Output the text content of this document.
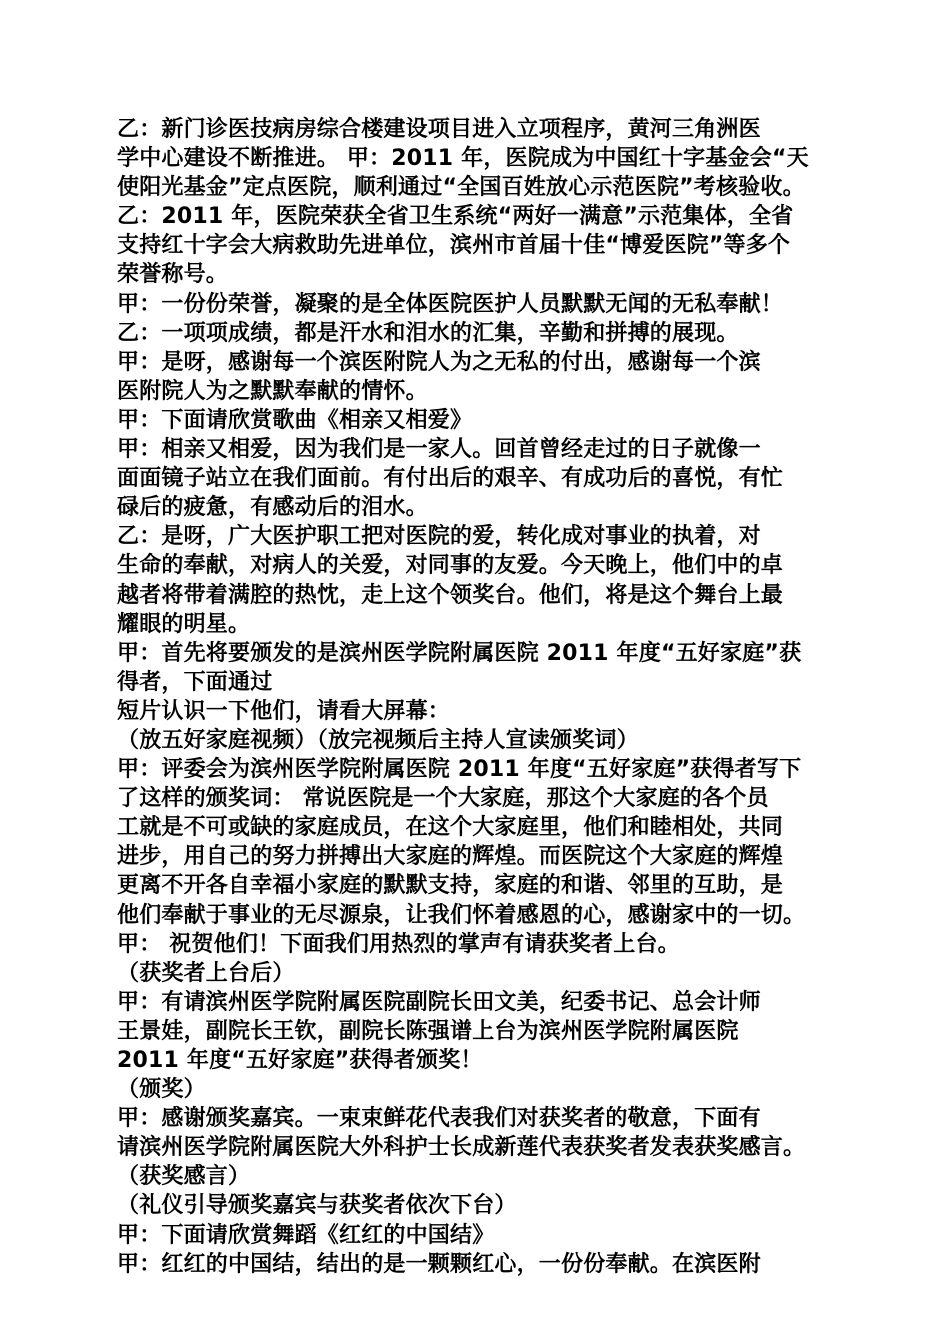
乙：新门诊医技病房综合楼建设项目进入立项程序，黄河三角洲医
学中心建设不断推进。 甲：2011 年，医院成为中国红十字基金会“天
使阳光基金”定点医院，顺利通过“全国百姓放心示范医院”考核验收。
乙：2011 年，医院荣获全省卫生系统“两好一满意”示范集体，全省
支持红十字会大病救助先进单位，滨州市首届十佳“博爱医院”等多个
荣誉称号。
甲：一份份荣誉，凝聚的是全体医院医护人员默默无闻的无私奉献！
乙：一项项成绩，都是汗水和泪水的汇集，辛勤和拼搏的展现。
甲：是呀，感谢每一个滨医附院人为之无私的付出，感谢每一个滨
医附院人为之默默奉献的情怀。
甲：下面请欣赏歌曲《相亲又相爱》
甲：相亲又相爱，因为我们是一家人。回首曾经走过的日子就像一
面面镜子站立在我们面前。有付出后的艰辛、有成功后的喜悦，有忙
碌后的疲惫，有感动后的泪水。
乙：是呀，广大医护职工把对医院的爱，转化成对事业的执着，对
生命的奉献，对病人的关爱，对同事的友爱。今天晚上，他们中的卓
越者将带着满腔的热忱，走上这个领奖台。他们，将是这个舞台上最
耀眼的明星。
甲：首先将要颁发的是滨州医学院附属医院 2011 年度“五好家庭”获
得者，下面通过
短片认识一下他们，请看大屏幕：
（放五好家庭视频）（放完视频后主持人宣读颁奖词）
甲：评委会为滨州医学院附属医院 2011 年度“五好家庭”获得者写下
了这样的颁奖词： 常说医院是一个大家庭，那这个大家庭的各个员
工就是不可或缺的家庭成员，在这个大家庭里，他们和睦相处，共同
进步，用自己的努力拼搏出大家庭的辉煌。而医院这个大家庭的辉煌
更离不开各自幸福小家庭的默默支持，家庭的和谐、邻里的互助，是
他们奉献于事业的无尽源泉，让我们怀着感恩的心，感谢家中的一切。
甲： 祝贺他们！下面我们用热烈的掌声有请获奖者上台。
（获奖者上台后）
甲：有请滨州医学院附属医院副院长田文美，纪委书记、总会计师
王景娃，副院长王钦，副院长陈强谱上台为滨州医学院附属医院
2011 年度“五好家庭”获得者颁奖！
（颁奖）
甲：感谢颁奖嘉宾。一束束鲜花代表我们对获奖者的敬意，下面有
请滨州医学院附属医院大外科护士长成新莲代表获奖者发表获奖感言。
（获奖感言）
（礼仪引导颁奖嘉宾与获奖者依次下台）
甲：下面请欣赏舞蹈《红红的中国结》
甲：红红的中国结，结出的是一颗颗红心，一份份奉献。在滨医附
